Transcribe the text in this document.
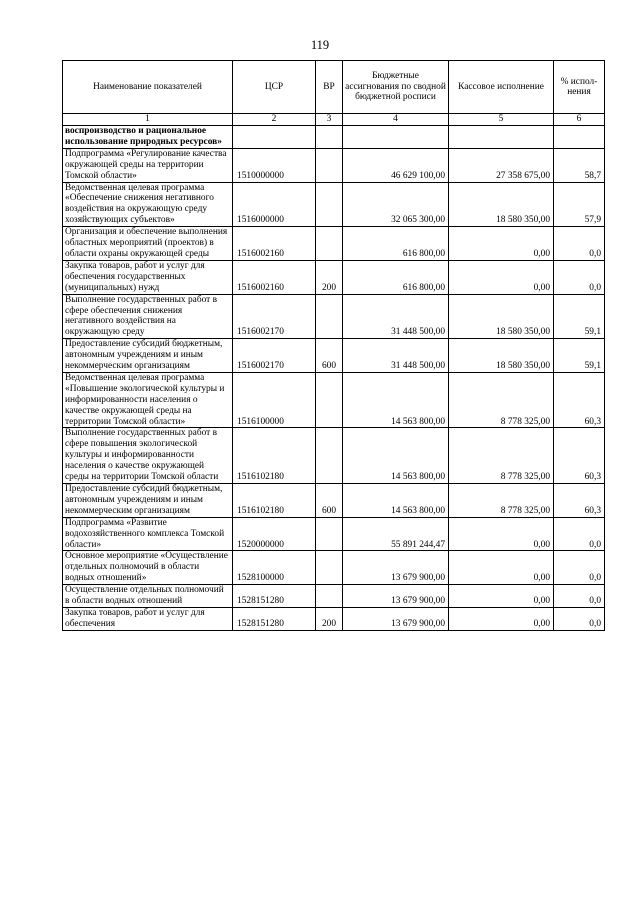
119
Наименование показателей	ЦСР	ВР	Бюджетные ассигнования по сводной бюджетной росписи	Кассовое исполнение	% испол-нения
1	2	3	4	5	6
воспроизводство и рациональное использование природных ресурсов»					
Подпрограмма «Регулирование качества окружающей среды на территории Томской области»	1510000000		46 629 100,00	27 358 675,00	58,7
Ведомственная целевая программа «Обеспечение снижения негативного воздействия на окружающую среду хозяйствующих субъектов»	1516000000		32 065 300,00	18 580 350,00	57,9
Организация и обеспечение выполнения областных мероприятий (проектов) в области охраны окружающей среды	1516002160		616 800,00	0,00	0,0
Закупка товаров, работ и услуг для обеспечения государственных (муниципальных) нужд	1516002160	200	616 800,00	0,00	0,0
Выполнение государственных работ в сфере обеспечения снижения негативного воздействия на окружающую среду	1516002170		31 448 500,00	18 580 350,00	59,1
Предоставление субсидий бюджетным, автономным учреждениям и иным некоммерческим организациям	1516002170	600	31 448 500,00	18 580 350,00	59,1
Ведомственная целевая программа «Повышение экологической культуры и информированности населения о качестве окружающей среды на территории Томской области»	1516100000		14 563 800,00	8 778 325,00	60,3
Выполнение государственных работ в сфере повышения экологической культуры и информированности населения о качестве окружающей среды на территории Томской области	1516102180		14 563 800,00	8 778 325,00	60,3
Предоставление субсидий бюджетным, автономным учреждениям и иным некоммерческим организациям	1516102180	600	14 563 800,00	8 778 325,00	60,3
Подпрограмма «Развитие водохозяйственного комплекса Томской области»	1520000000		55 891 244,47	0,00	0,0
Основное мероприятие «Осуществление отдельных полномочий в области водных отношений»	1528100000		13 679 900,00	0,00	0,0
Осуществление отдельных полномочий в области водных отношений	1528151280		13 679 900,00	0,00	0,0
Закупка товаров, работ и услуг для обеспечения	1528151280	200	13 679 900,00	0,00	0,0
